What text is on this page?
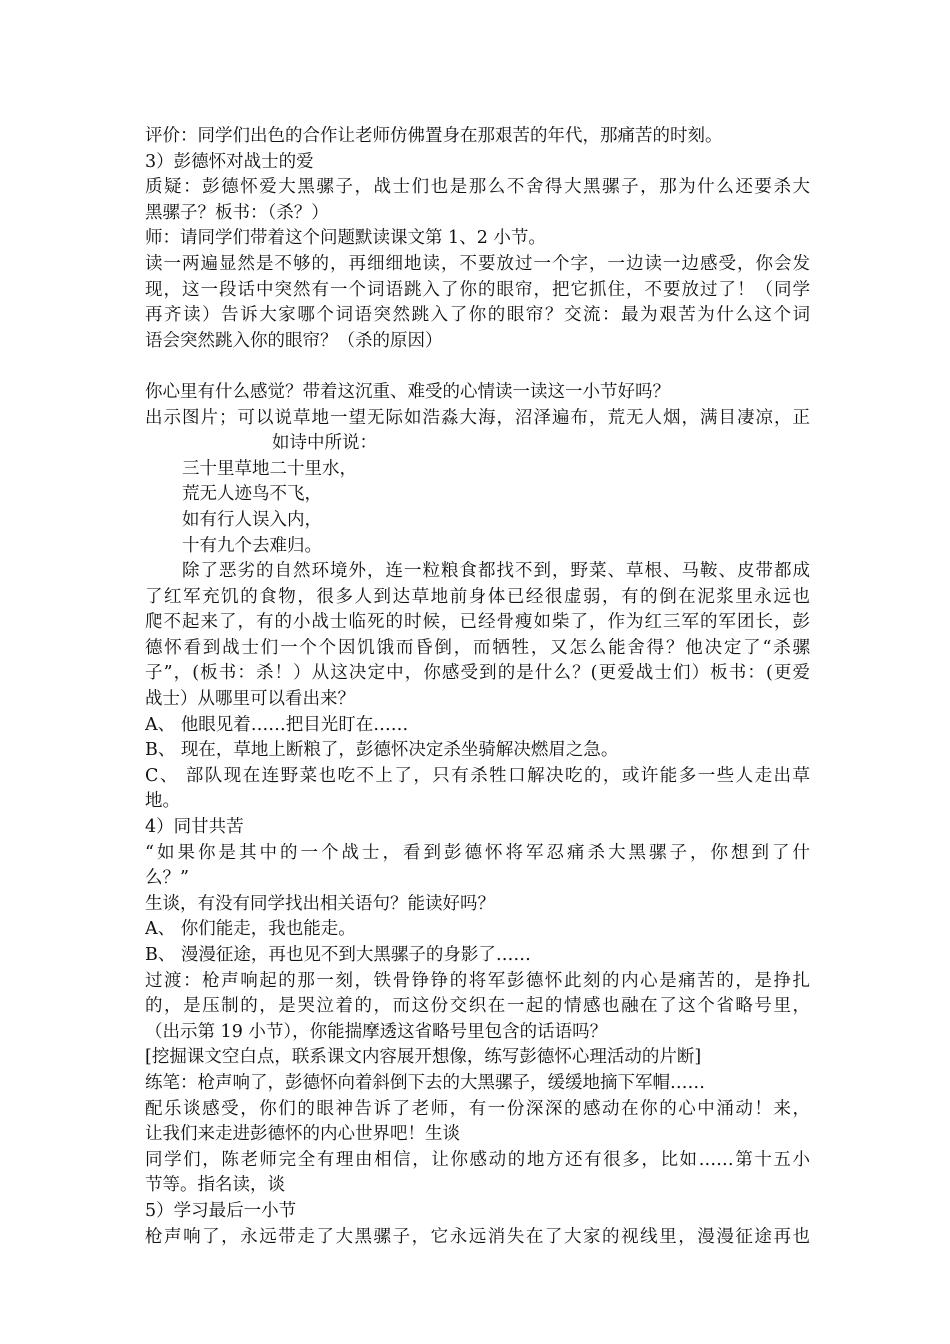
评价：同学们出色的合作让老师仿佛置身在那艰苦的年代，那痛苦的时刻。
3）彭德怀对战士的爱
质疑：彭德怀爱大黑骡子，战士们也是那么不舍得大黑骡子，那为什么还要杀大
黑骡子？板书：（杀？）
师：请同学们带着这个问题默读课文第 1、2 小节。
读一两遍显然是不够的，再细细地读，不要放过一个字，一边读一边感受，你会发
现，这一段话中突然有一个词语跳入了你的眼帘，把它抓住，不要放过了！（同学
再齐读）告诉大家哪个词语突然跳入了你的眼帘？交流：最为艰苦为什么这个词
语会突然跳入你的眼帘？（杀的原因）
你心里有什么感觉？带着这沉重、难受的心情读一读这一小节好吗？
出示图片；可以说草地一望无际如浩淼大海，沼泽遍布，荒无人烟，满目凄凉，正
如诗中所说：
三十里草地二十里水，
荒无人迹鸟不飞，
如有行人误入内，
十有九个去难归。
　　除了恶劣的自然环境外，连一粒粮食都找不到，野菜、草根、马鞍、皮带都成
了红军充饥的食物，很多人到达草地前身体已经很虚弱，有的倒在泥浆里永远也
爬不起来了，有的小战士临死的时候，已经骨瘦如柴了，作为红三军的军团长，彭
德怀看到战士们一个个因饥饿而昏倒，而牺牲，又怎么能舍得？他决定了“杀骡
子”，(板书：杀！）从这决定中，你感受到的是什么？(更爱战士们）板书：(更爱
战士）从哪里可以看出来？
A、 他眼见着……把目光盯在……
B、 现在，草地上断粮了，彭德怀决定杀坐骑解决燃眉之急。
C、 部队现在连野菜也吃不上了，只有杀牲口解决吃的，或许能多一些人走出草
地。
4）同甘共苦
“如果你是其中的一个战士，看到彭德怀将军忍痛杀大黑骡子，你想到了什
么？”
生谈，有没有同学找出相关语句？能读好吗？
A、 你们能走，我也能走。
B、 漫漫征途，再也见不到大黑骡子的身影了……
过渡：枪声响起的那一刻，铁骨铮铮的将军彭德怀此刻的内心是痛苦的，是挣扎
的，是压制的，是哭泣着的，而这份交织在一起的情感也融在了这个省略号里，
（出示第 19 小节），你能揣摩透这省略号里包含的话语吗？
[挖掘课文空白点，联系课文内容展开想像，练写彭德怀心理活动的片断]
练笔：枪声响了，彭德怀向着斜倒下去的大黑骡子，缓缓地摘下军帽……
配乐谈感受，你们的眼神告诉了老师，有一份深深的感动在你的心中涌动！来，
让我们来走进彭德怀的内心世界吧！生谈
同学们，陈老师完全有理由相信，让你感动的地方还有很多，比如……第十五小
节等。指名读，谈
5）学习最后一小节
枪声响了，永远带走了大黑骡子，它永远消失在了大家的视线里，漫漫征途再也
